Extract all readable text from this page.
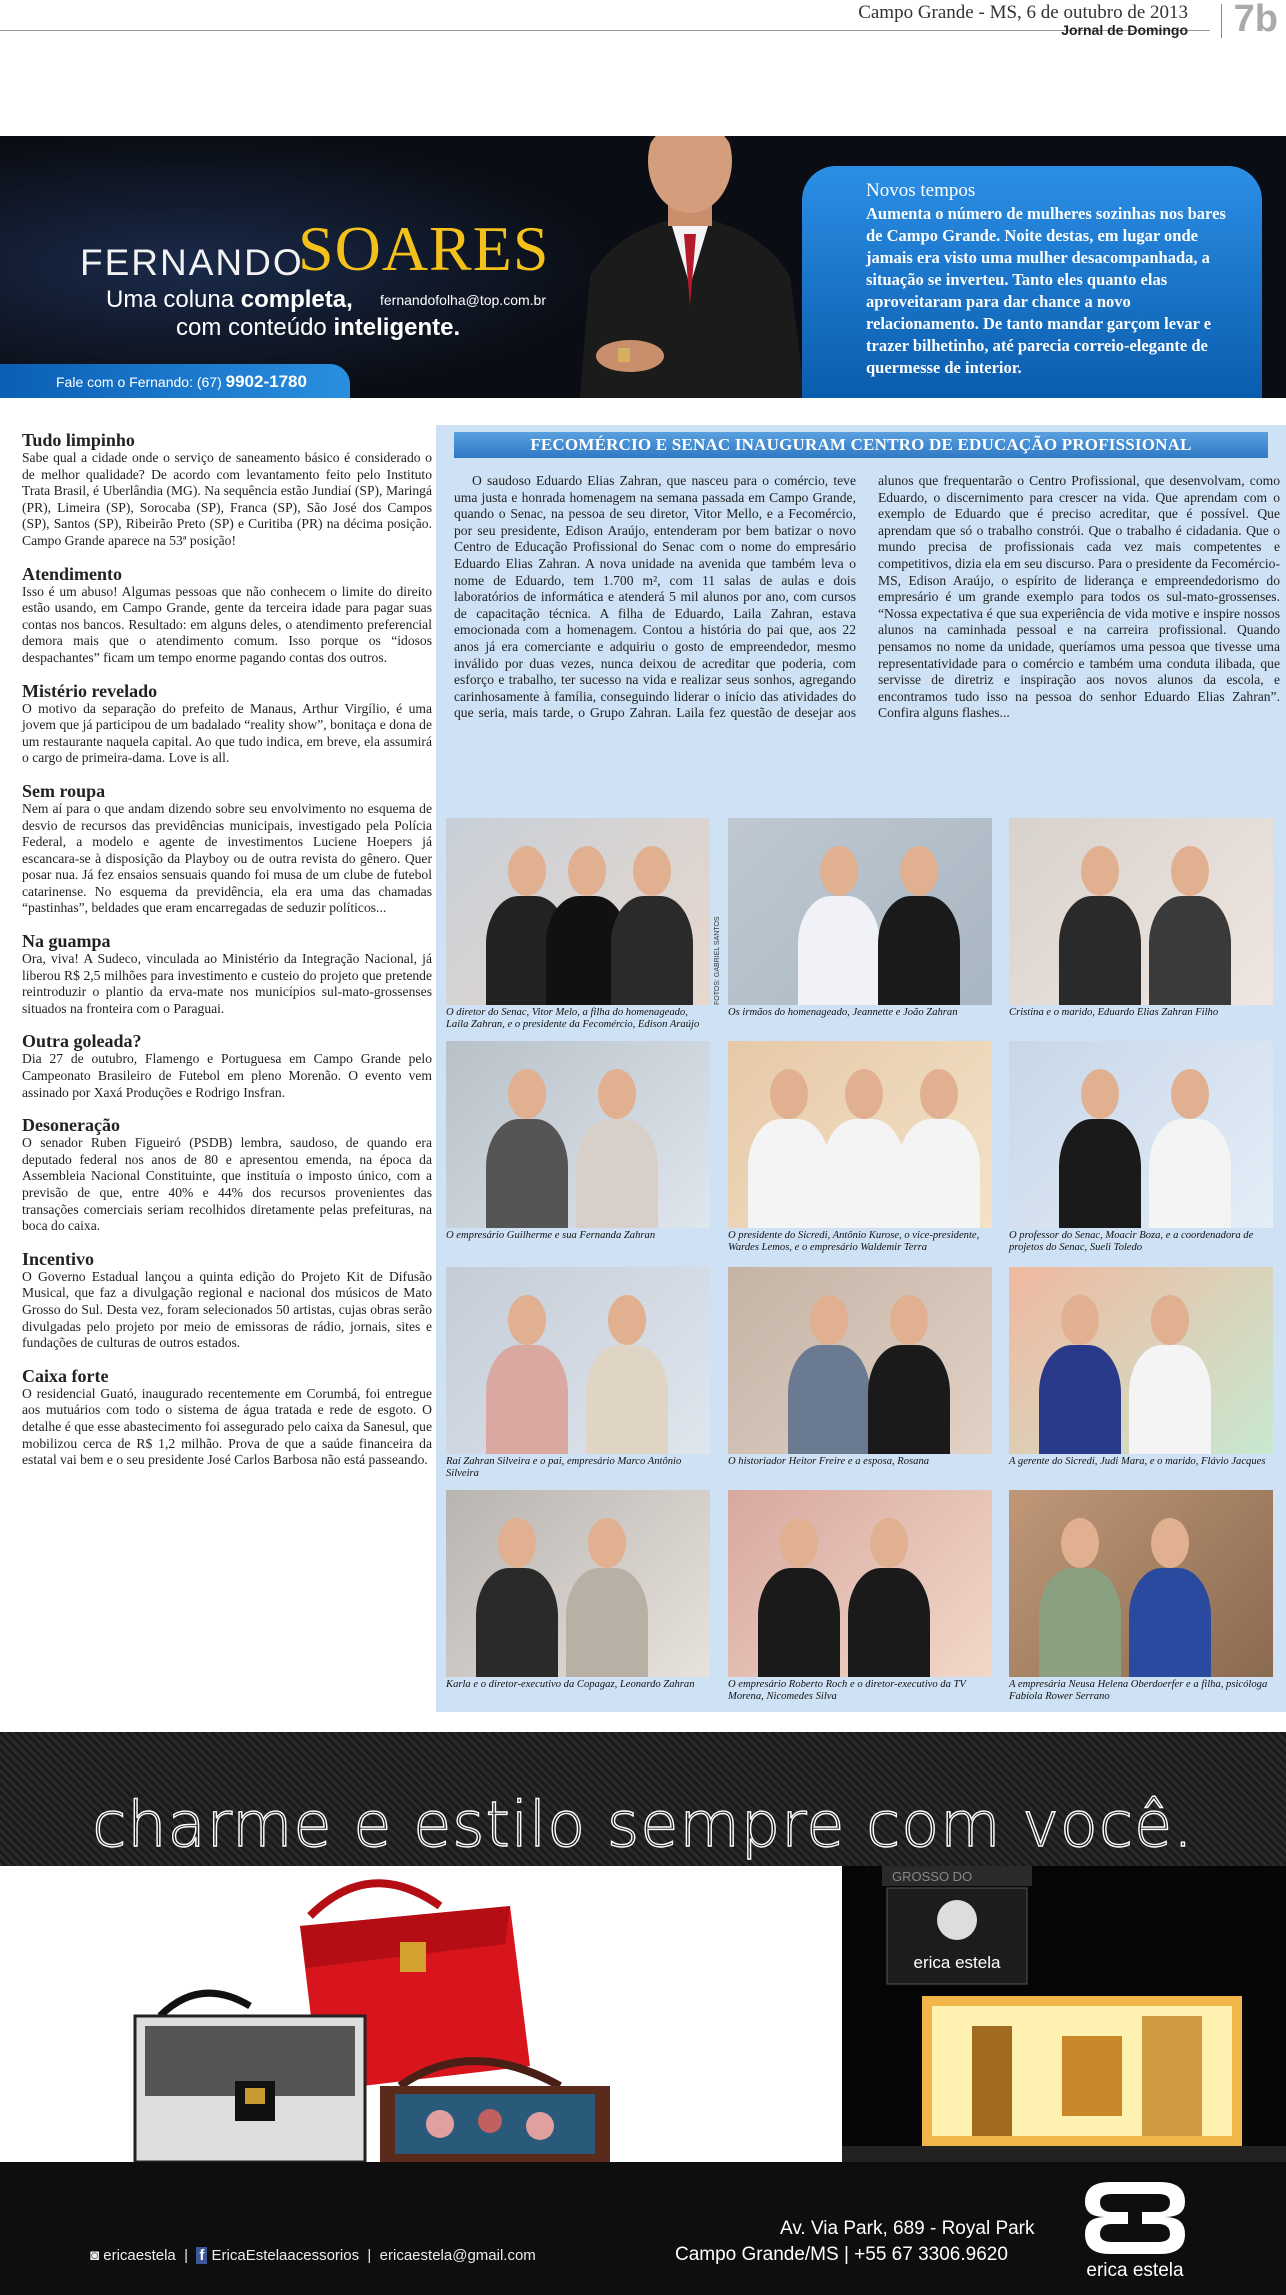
Campo Grande - MS, 6 de outubro de 2013
Jornal de Domingo 7b
FERNANDO
SOARES
fernandofolha@top.com.br
Uma coluna completa,
com conteúdo inteligente.
Fale com o Fernando: (67) 9902-1780
Novos tempos

Aumenta o número de mulheres sozinhas nos bares de Campo Grande. Noite destas, em lugar onde jamais era visto uma mulher desacompanhada, a situação se inverteu. Tanto eles quanto elas aproveitaram para dar chance a novo relacionamento. De tanto mandar garçom levar e trazer bilhetinho, até parecia correio-elegante de quermesse de interior.

Tudo limpinho

Sabe qual a cidade onde o serviço de saneamento básico é considerado o de melhor qualidade? De acordo com levantamento feito pelo Instituto Trata Brasil, é Uberlândia (MG). Na sequência estão Jundiaí (SP), Maringá (PR), Limeira (SP), Sorocaba (SP), Franca (SP), São José dos Campos (SP), Santos (SP), Ribeirão Preto (SP) e Curitiba (PR) na décima posição. Campo Grande aparece na 53ª posição!

Atendimento

Isso é um abuso! Algumas pessoas que não conhecem o limite do direito estão usando, em Campo Grande, gente da terceira idade para pagar suas contas nos bancos. Resultado: em alguns deles, o atendimento preferencial demora mais que o atendimento comum. Isso porque os “idosos despachantes” ficam um tempo enorme pagando contas dos outros.

Mistério revelado

O motivo da separação do prefeito de Manaus, Arthur Virgílio, é uma jovem que já participou de um badalado “reality show”, bonitaça e dona de um restaurante naquela capital. Ao que tudo indica, em breve, ela assumirá o cargo de primeira-dama. Love is all.

Sem roupa

Nem aí para o que andam dizendo sobre seu envolvimento no esquema de desvio de recursos das previdências municipais, investigado pela Polícia Federal, a modelo e agente de investimentos Luciene Hoepers já escancara-se à disposição da Playboy ou de outra revista do gênero. Quer posar nua. Já fez ensaios sensuais quando foi musa de um clube de futebol catarinense. No esquema da previdência, ela era uma das chamadas “pastinhas”, beldades que eram encarregadas de seduzir políticos...

Na guampa

Ora, viva! A Sudeco, vinculada ao Ministério da Integração Nacional, já liberou R$ 2,5 milhões para investimento e custeio do projeto que pretende reintroduzir o plantio da erva-mate nos municípios sul-mato-grossenses situados na fronteira com o Paraguai.

Outra goleada?

Dia 27 de outubro, Flamengo e Portuguesa em Campo Grande pelo Campeonato Brasileiro de Futebol em pleno Morenão. O evento vem assinado por Xaxá Produções e Rodrigo Insfran.

Desoneração

O senador Ruben Figueiró (PSDB) lembra, saudoso, de quando era deputado federal nos anos de 80 e apresentou emenda, na época da Assembleia Nacional Constituinte, que instituía o imposto único, com a previsão de que, entre 40% e 44% dos recursos provenientes das transações comerciais seriam recolhidos diretamente pelas prefeituras, na boca do caixa.

Incentivo

O Governo Estadual lançou a quinta edição do Projeto Kit de Difusão Musical, que faz a divulgação regional e nacional dos músicos de Mato Grosso do Sul. Desta vez, foram selecionados 50 artistas, cujas obras serão divulgadas pelo projeto por meio de emissoras de rádio, jornais, sites e fundações de culturas de outros estados.

Caixa forte

O residencial Guató, inaugurado recentemente em Corumbá, foi entregue aos mutuários com todo o sistema de água tratada e rede de esgoto. O detalhe é que esse abastecimento foi assegurado pelo caixa da Sanesul, que mobilizou cerca de R$ 1,2 milhão. Prova de que a saúde financeira da estatal vai bem e o seu presidente José Carlos Barbosa não está passeando.

FECOMÉRCIO E SENAC INAUGURAM CENTRO DE EDUCAÇÃO PROFISSIONAL

O saudoso Eduardo Elias Zahran, que nasceu para o comércio, teve uma justa e honrada homenagem na semana passada em Campo Grande, quando o Senac, na pessoa de seu diretor, Vitor Mello, e a Fecomércio, por seu presidente, Edison Araújo, entenderam por bem batizar o novo Centro de Educação Profissional do Senac com o nome do empresário Eduardo Elias Zahran. A nova unidade na avenida que também leva o nome de Eduardo, tem 1.700 m², com 11 salas de aulas e dois laboratórios de informática e atenderá 5 mil alunos por ano, com cursos de capacitação técnica. A filha de Eduardo, Laila Zahran, estava emocionada com a homenagem. Contou a história do pai que, aos 22 anos já era comerciante e adquiriu o gosto de empreendedor, mesmo inválido por duas vezes, nunca deixou de acreditar que poderia, com esforço e trabalho, ter sucesso na vida e realizar seus sonhos, agregando carinhosamente à família, conseguindo liderar o início das atividades do que seria, mais tarde, o Grupo Zahran. Laila fez questão de desejar aos alunos que frequentarão o Centro Profissional, que desenvolvam, como Eduardo, o discernimento para crescer na vida. Que aprendam com o exemplo de Eduardo que é preciso acreditar, que é possível. Que aprendam que só o trabalho constrói. Que o trabalho é cidadania. Que o mundo precisa de profissionais cada vez mais competentes e competitivos, dizia ela em seu discurso. Para o presidente da Fecomércio-MS, Edison Araújo, o espírito de liderança e empreendedorismo do empresário é um grande exemplo para todos os sul-mato-grossenses. “Nossa expectativa é que sua experiência de vida motive e inspire nossos alunos na caminhada pessoal e na carreira profissional. Quando pensamos no nome da unidade, queríamos uma pessoa que tivesse uma representatividade para o comércio e também uma conduta ilibada, que servisse de diretriz e inspiração aos novos alunos da escola, e encontramos tudo isso na pessoa do senhor Eduardo Elias Zahran”. Confira alguns flashes...

O diretor do Senac, Vitor Melo, a filha do homenageado, Laila Zahran, e o presidente da Fecomércio, Edison Araújo
Os irmãos do homenageado, Jeannette e João Zahran	Cristina e o marido, Eduardo Elias Zahran Filho
O empresário Guilherme e sua Fernanda Zahran	O presidente do Sicredi, Antônio Kurose, o vice-presidente, Wardes Lemos, e o empresário Waldemir Terra
O professor do Senac, Moacir Boza, e a coordenadora de projetos do Senac, Sueli Toledo
Raí Zahran Silveira e o pai, empresário Marco Antônio Silveira
O historiador Heitor Freire e a esposa, Rosana	A gerente do Sicredi, Judi Mara, e o marido, Flávio Jacques
Karla e o diretor-executivo da Copagaz, Leonardo Zahran	O empresário Roberto Roch e o diretor-executivo da TV Morena, Nicomedes Silva
A empresária Neusa Helena Oberdoerfer e a filha, psicóloga Fabíola Rower Serrano
FOTOS: GABRIEL SANTOS
charme e estilo sempre com você.
GROSSO DO
erica estela
◙ ericaestela  |  f EricaEstelaacessorios  |  ericaestela@gmail.com
Av. Via Park, 689 - Royal Park
Campo Grande/MS | +55 67 3306.9620
erica estela
